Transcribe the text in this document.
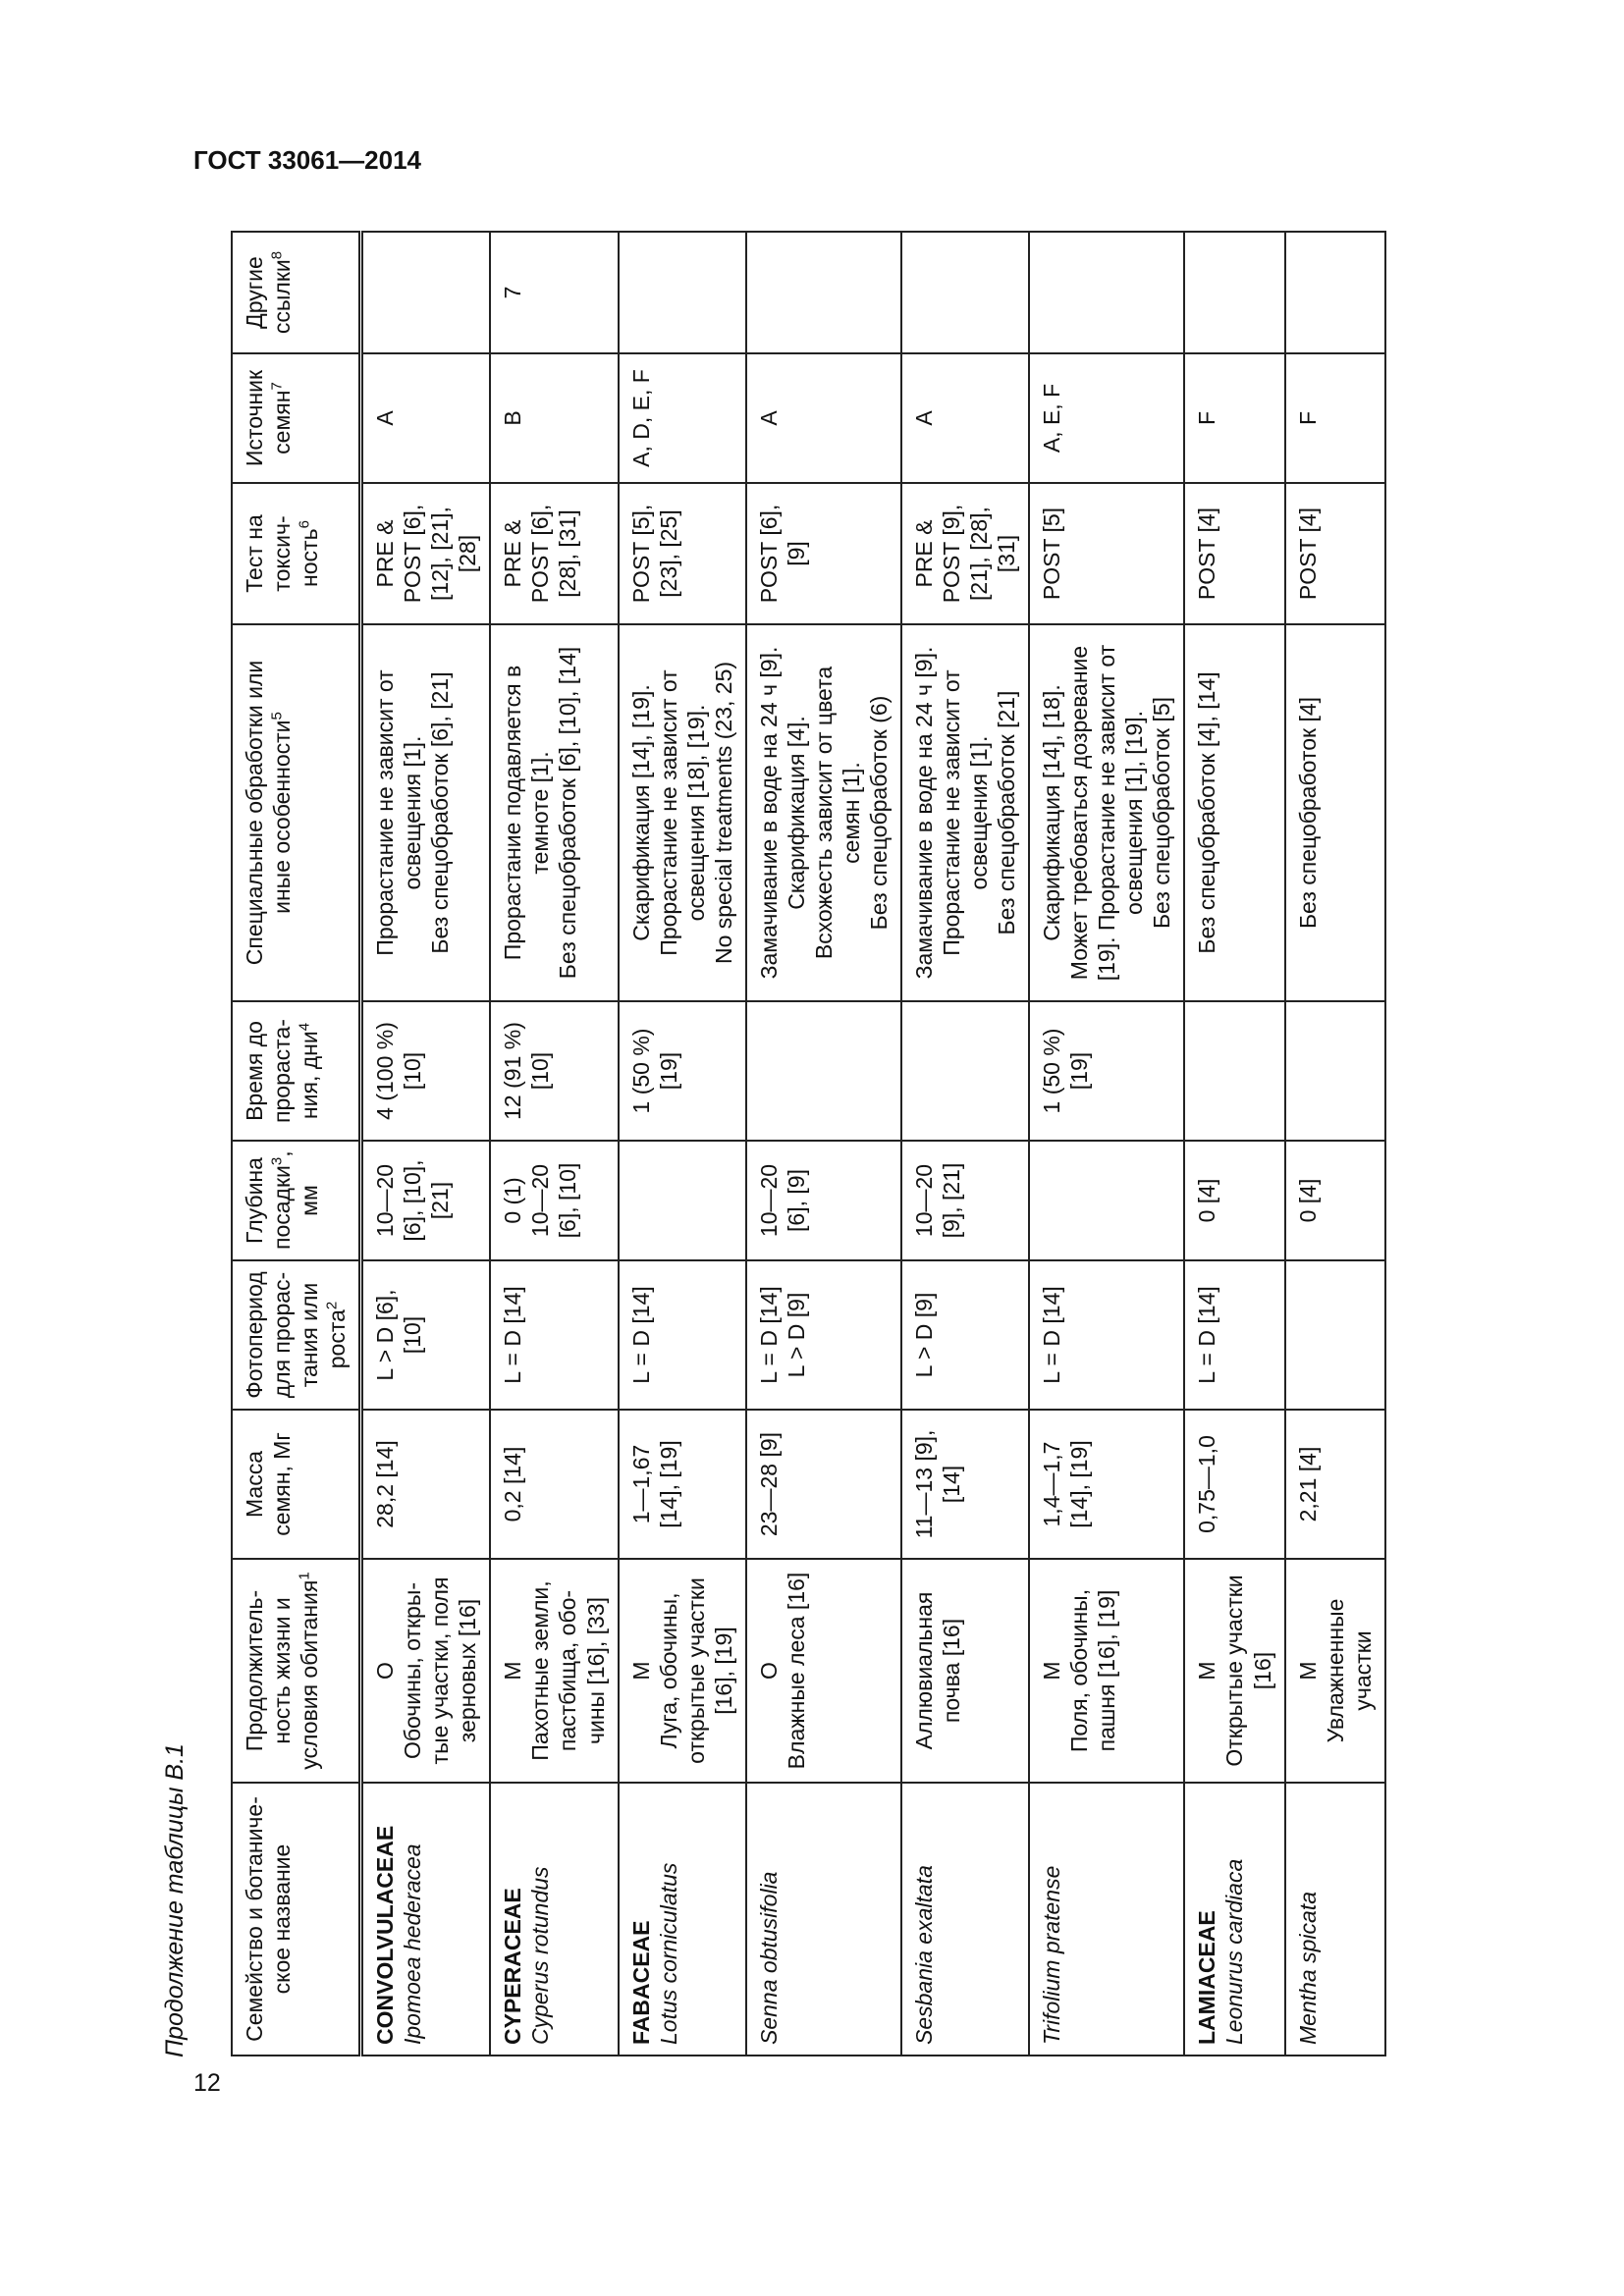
ГОСТ 33061—2014
Продолжение таблицы В.1
12
Семейство и ботаническое название	Продолжительность жизни и условия обитания$^1$	Масса семян, Мг	Фотопериод для прорастания или роста$^2$	Глубина посадки$^3$, мм	Время до прорастания, дни$^4$	Специальные обработки или иные особенности$^5$	Тест на токсичность$^6$	Источник семян$^7$	Другие ссылки$^8$

CONVOLVULACEAE Ipomoea hederacea	О Обочины, открытые участки, поля зерновых [16]	28,2 [14]	L > D [6], [10]	10—20 [6], [10], [21]	4 (100 %) [10]	Прорастание не зависит от освещения [1]. Без спецобработок [6], [21]	PRE & POST [6], [12], [21], [28]	A	

CYPERACEAE Cyperus rotundus	М Пахотные земли, пастбища, обочины [16], [33]	0,2 [14]	L = D [14]	0 (1) 10—20 [6], [10]	12 (91 %) [10]	Прорастание подавляется в темноте [1]. Без спецобработок [6], [10], [14]	PRE & POST [6], [28], [31]	B	7

FABACEAE Lotus corniculatus	М Луга, обочины, открытые участки [16], [19]	1—1,67 [14], [19]	L = D [14]		1 (50 %) [19]	Скарификация [14], [19]. Прорастание не зависит от освещения [18], [19]. No special treatments (23, 25)	POST [5], [23], [25]	A, D, E, F	

Senna obtusifolia	О Влажные леса [16]	23—28 [9]	L = D [14] L > D [9]	10—20 [6], [9]		Замачивание в воде на 24 ч [9]. Скарификация [4]. Всхожесть зависит от цвета семян [1]. Без спецобработок (6)	POST [6], [9]	A	

Sesbania exaltata	Аллювиальная почва [16]	11—13 [9], [14]	L > D [9]	10—20 [9], [21]		Замачивание в воде на 24 ч [9]. Прорастание не зависит от освещения [1]. Без спецобработок [21]	PRE & POST [9], [21], [28], [31]	A	

Trifolium pratense	М Поля, обочины, пашня [16], [19]	1,4—1,7 [14], [19]	L = D [14]		1 (50 %) [19]	Скарификация [14], [18]. Может требоваться дозревание [19]. Прорастание не зависит от освещения [1], [19]. Без спецобработок [5]	POST [5]	A, E, F	

LAMIACEAE Leonurus cardiaca	М Открытые участки [16]	0,75—1,0	L = D [14]	0 [4]		Без спецобработок [4], [14]	POST [4]	F	

Mentha spicata	М Увлажненные участки	2,21 [4]		0 [4]		Без спецобработок [4]	POST [4]	F	
